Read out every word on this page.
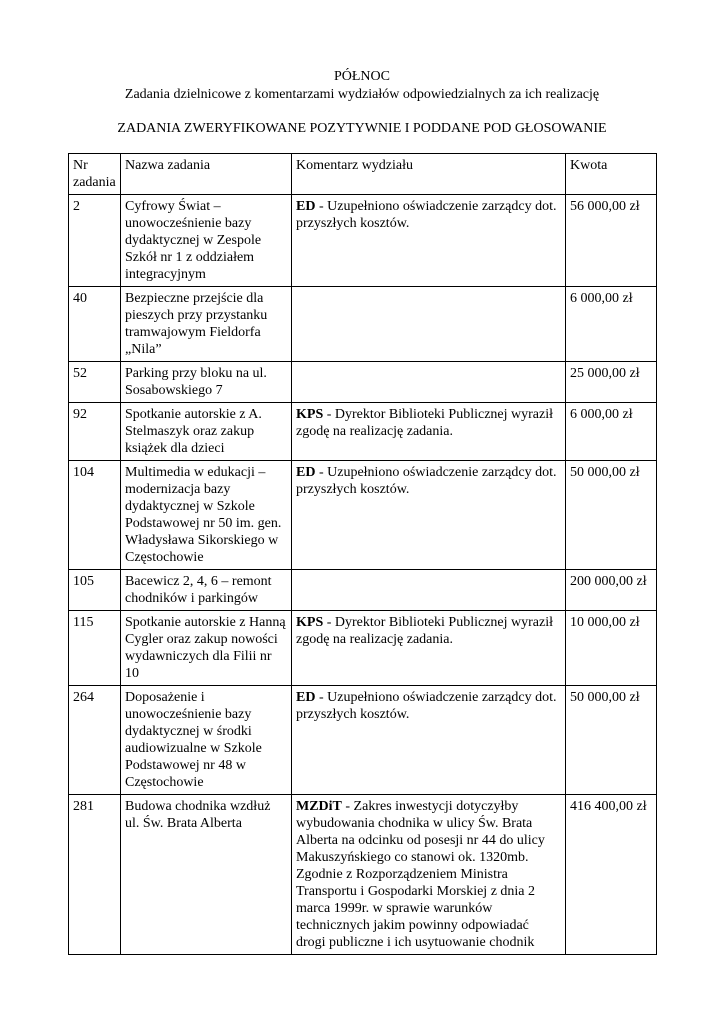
PÓŁNOC
Zadania dzielnicowe z komentarzami wydziałów odpowiedzialnych za ich realizację
ZADANIA ZWERYFIKOWANE POZYTYWNIE I PODDANE POD GŁOSOWANIE
Nr zadania	Nazwa zadania	Komentarz wydziału	Kwota
2	Cyfrowy Świat – unowocześnienie bazy dydaktycznej w Zespole Szkół nr 1 z oddziałem integracyjnym	ED - Uzupełniono oświadczenie zarządcy dot. przyszłych kosztów.	56 000,00 zł
40	Bezpieczne przejście dla pieszych przy przystanku tramwajowym Fieldorfa „Nila”		6 000,00 zł
52	Parking przy bloku na ul. Sosabowskiego 7		25 000,00 zł
92	Spotkanie autorskie z A. Stelmaszyk oraz zakup książek dla dzieci	KPS - Dyrektor Biblioteki Publicznej wyraził zgodę na realizację zadania.	6 000,00 zł
104	Multimedia w edukacji – modernizacja bazy dydaktycznej w Szkole Podstawowej nr 50 im. gen. Władysława Sikorskiego w Częstochowie	ED - Uzupełniono oświadczenie zarządcy dot. przyszłych kosztów.	50 000,00 zł
105	Bacewicz 2, 4, 6 – remont chodników i parkingów		200 000,00 zł
115	Spotkanie autorskie z Hanną Cygler oraz zakup nowości wydawniczych dla Filii nr 10	KPS - Dyrektor Biblioteki Publicznej wyraził zgodę na realizację zadania.	10 000,00 zł
264	Doposażenie i unowocześnienie bazy dydaktycznej w środki audiowizualne w Szkole Podstawowej nr 48 w Częstochowie	ED - Uzupełniono oświadczenie zarządcy dot. przyszłych kosztów.	50 000,00 zł
281	Budowa chodnika wzdłuż ul. Św. Brata Alberta	MZDiT - Zakres inwestycji dotyczyłby wybudowania chodnika w ulicy Św. Brata Alberta na odcinku od posesji nr 44 do ulicy Makuszyńskiego co stanowi ok. 1320mb. Zgodnie z Rozporządzeniem Ministra Transportu i Gospodarki Morskiej z dnia 2 marca 1999r. w sprawie warunków technicznych jakim powinny odpowiadać drogi publiczne i ich usytuowanie chodnik	416 400,00 zł
